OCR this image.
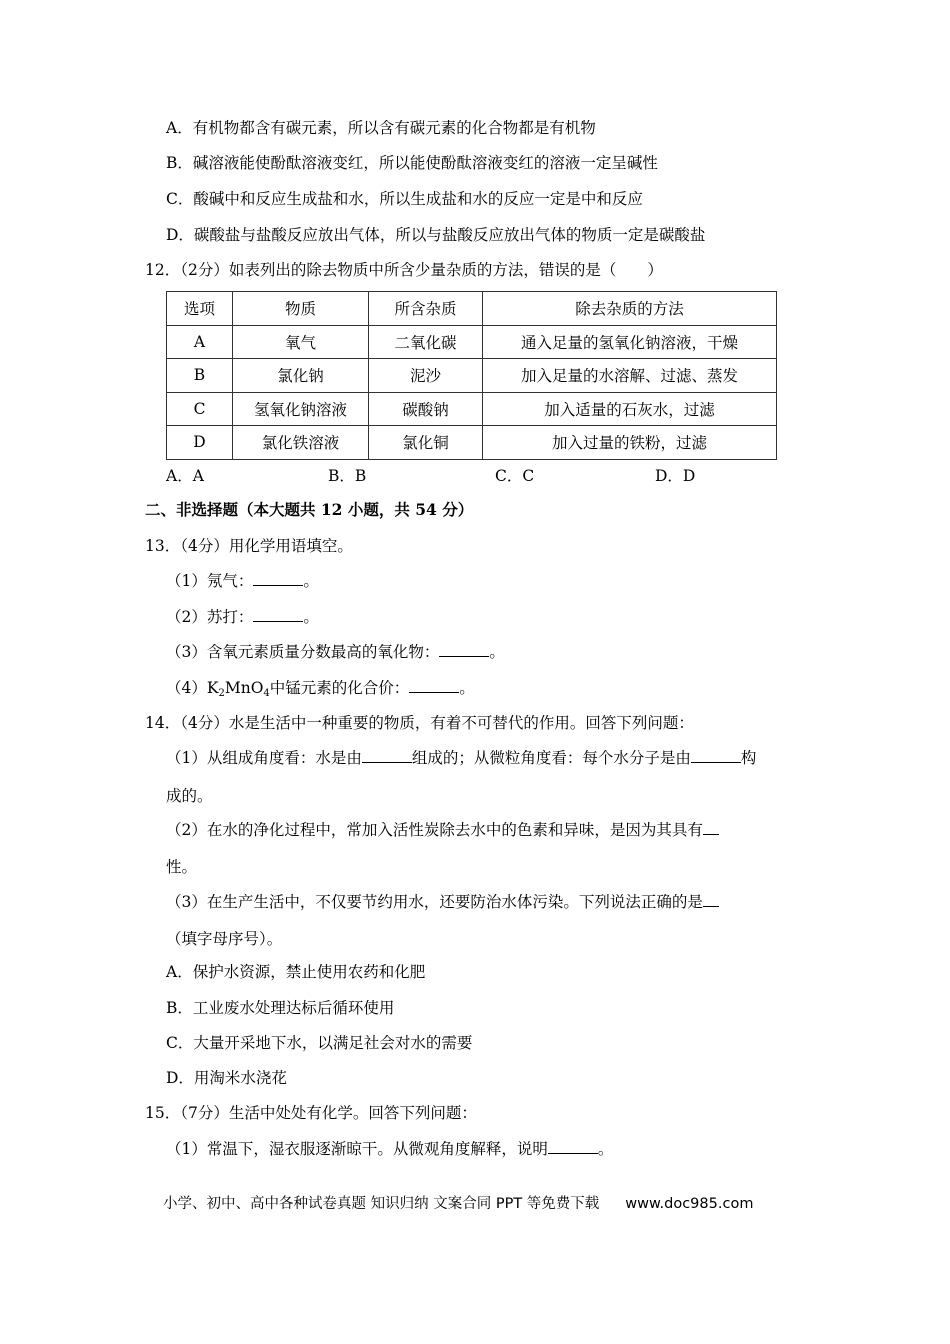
A．有机物都含有碳元素，所以含有碳元素的化合物都是有机物
B．碱溶液能使酚酞溶液变红，所以能使酚酞溶液变红的溶液一定呈碱性
C．酸碱中和反应生成盐和水，所以生成盐和水的反应一定是中和反应
D．碳酸盐与盐酸反应放出气体，所以与盐酸反应放出气体的物质一定是碳酸盐
12．（2分）如表列出的除去物质中所含少量杂质的方法，错误的是（　　）
选项	物质	所含杂质	除去杂质的方法
A	氧气	二氧化碳	通入足量的氢氧化钠溶液，干燥
B	氯化钠	泥沙	加入足量的水溶解、过滤、蒸发
C	氢氧化钠溶液	碳酸钠	加入适量的石灰水，过滤
D	氯化铁溶液	氯化铜	加入过量的铁粉，过滤
A．A	B．B	C．C	D．D
二、非选择题（本大题共 12 小题，共 54 分）
13．（4分）用化学用语填空。
（1）氖气：	。
（2）苏打：	。
（3）含氧元素质量分数最高的氧化物：	。
$(4)K_2MnO_4$中锰元素的化合价：	。
14．（4分）水是生活中一种重要的物质，有着不可替代的作用。回答下列问题：
（1）从组成角度看：水是由	组成的；从微粒角度看：每个水分子是由	构
成的。
（2）在水的净化过程中，常加入活性炭除去水中的色素和异味，是因为其具有
性。
（3）在生产生活中，不仅要节约用水，还要防治水体污染。下列说法正确的是
（填字母序号）。
A．保护水资源，禁止使用农药和化肥
B．工业废水处理达标后循环使用
C．大量开采地下水，以满足社会对水的需要
D．用淘米水浇花
15．（7分）生活中处处有化学。回答下列问题：
（1）常温下，湿衣服逐渐晾干。从微观角度解释，说明	。
小学、初中、高中各种试卷真题 知识归纳 文案合同 PPT 等免费下载 www.doc985.com
